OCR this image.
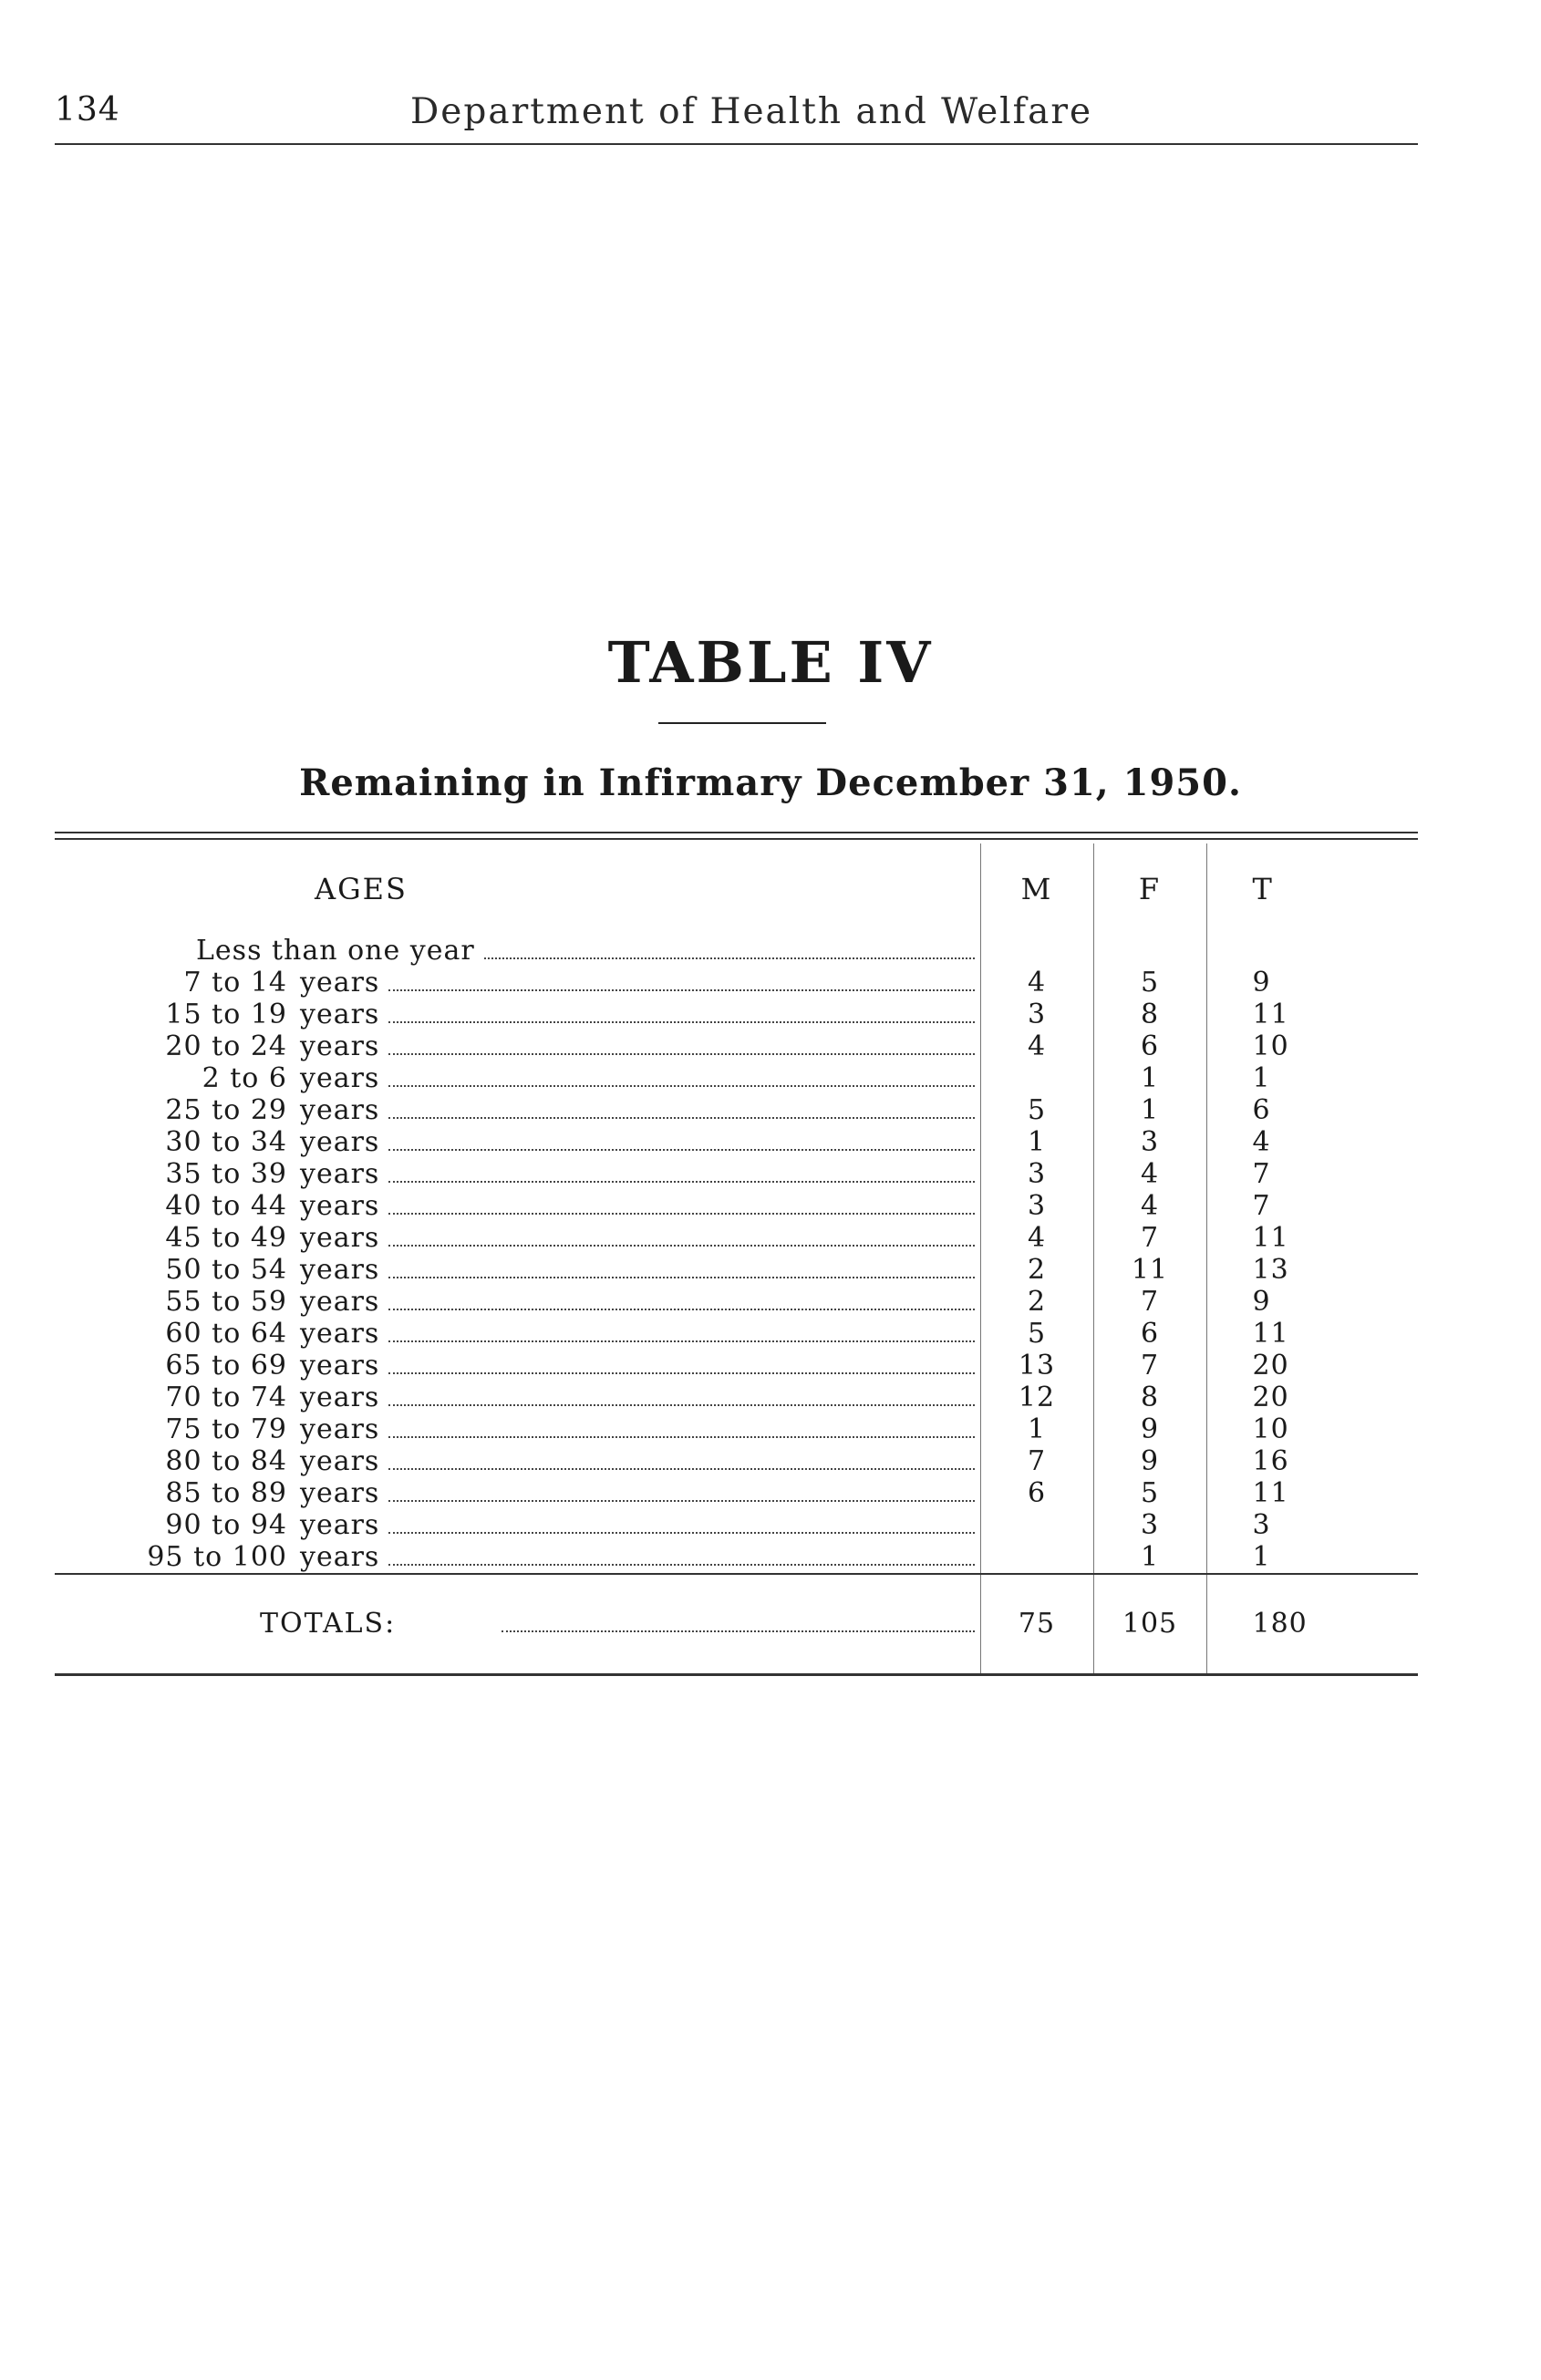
134	Department of Health and Welfare
TABLE IV
Remaining in Infirmary December 31, 1950.
AGES	M	F	T

Less than one year			

7 to 14 years	4	5	9

15 to 19 years	3	8	11

20 to 24 years	4	6	10

2 to 6 years		1	1

25 to 29 years	5	1	6

30 to 34 years	1	3	4

35 to 39 years	3	4	7

40 to 44 years	3	4	7

45 to 49 years	4	7	11

50 to 54 years	2	11	13

55 to 59 years	2	7	9

60 to 64 years	5	6	11

65 to 69 years	13	7	20

70 to 74 years	12	8	20

75 to 79 years	1	9	10

80 to 84 years	7	9	16

85 to 89 years	6	5	11

90 to 94 years		3	3

95 to 100 years		1	1

TOTALS:	75	105	180
